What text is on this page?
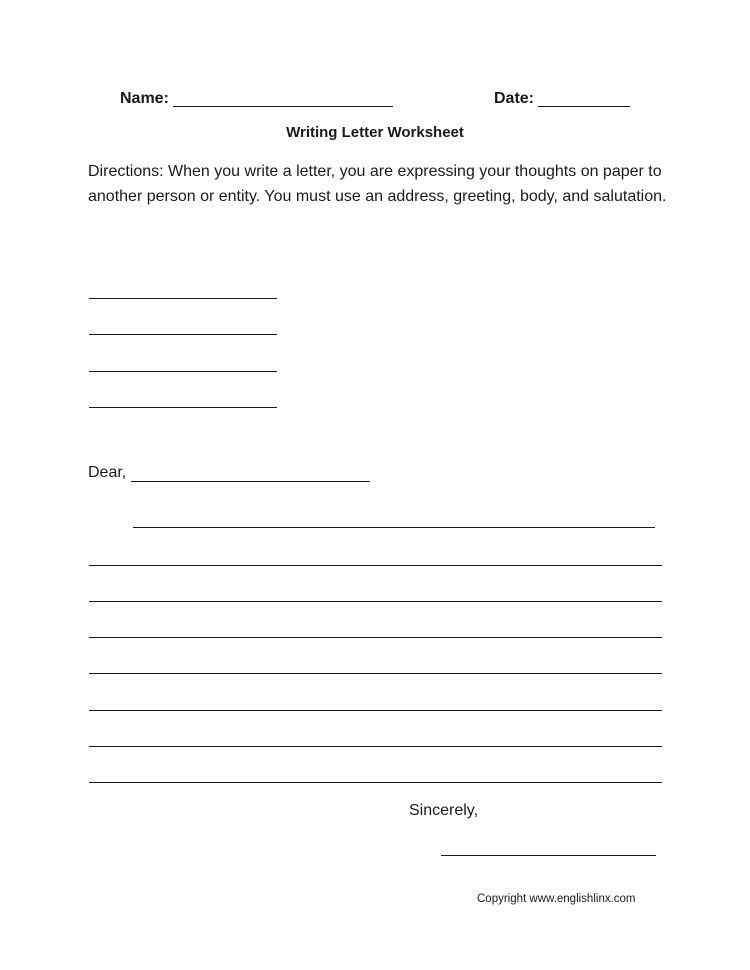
Name:	Date:
Writing Letter Worksheet
Directions: When you write a letter, you are expressing your thoughts on paper to another person or entity. You must use an address, greeting, body, and salutation.
Dear,
Sincerely,
Copyright www.englishlinx.com
